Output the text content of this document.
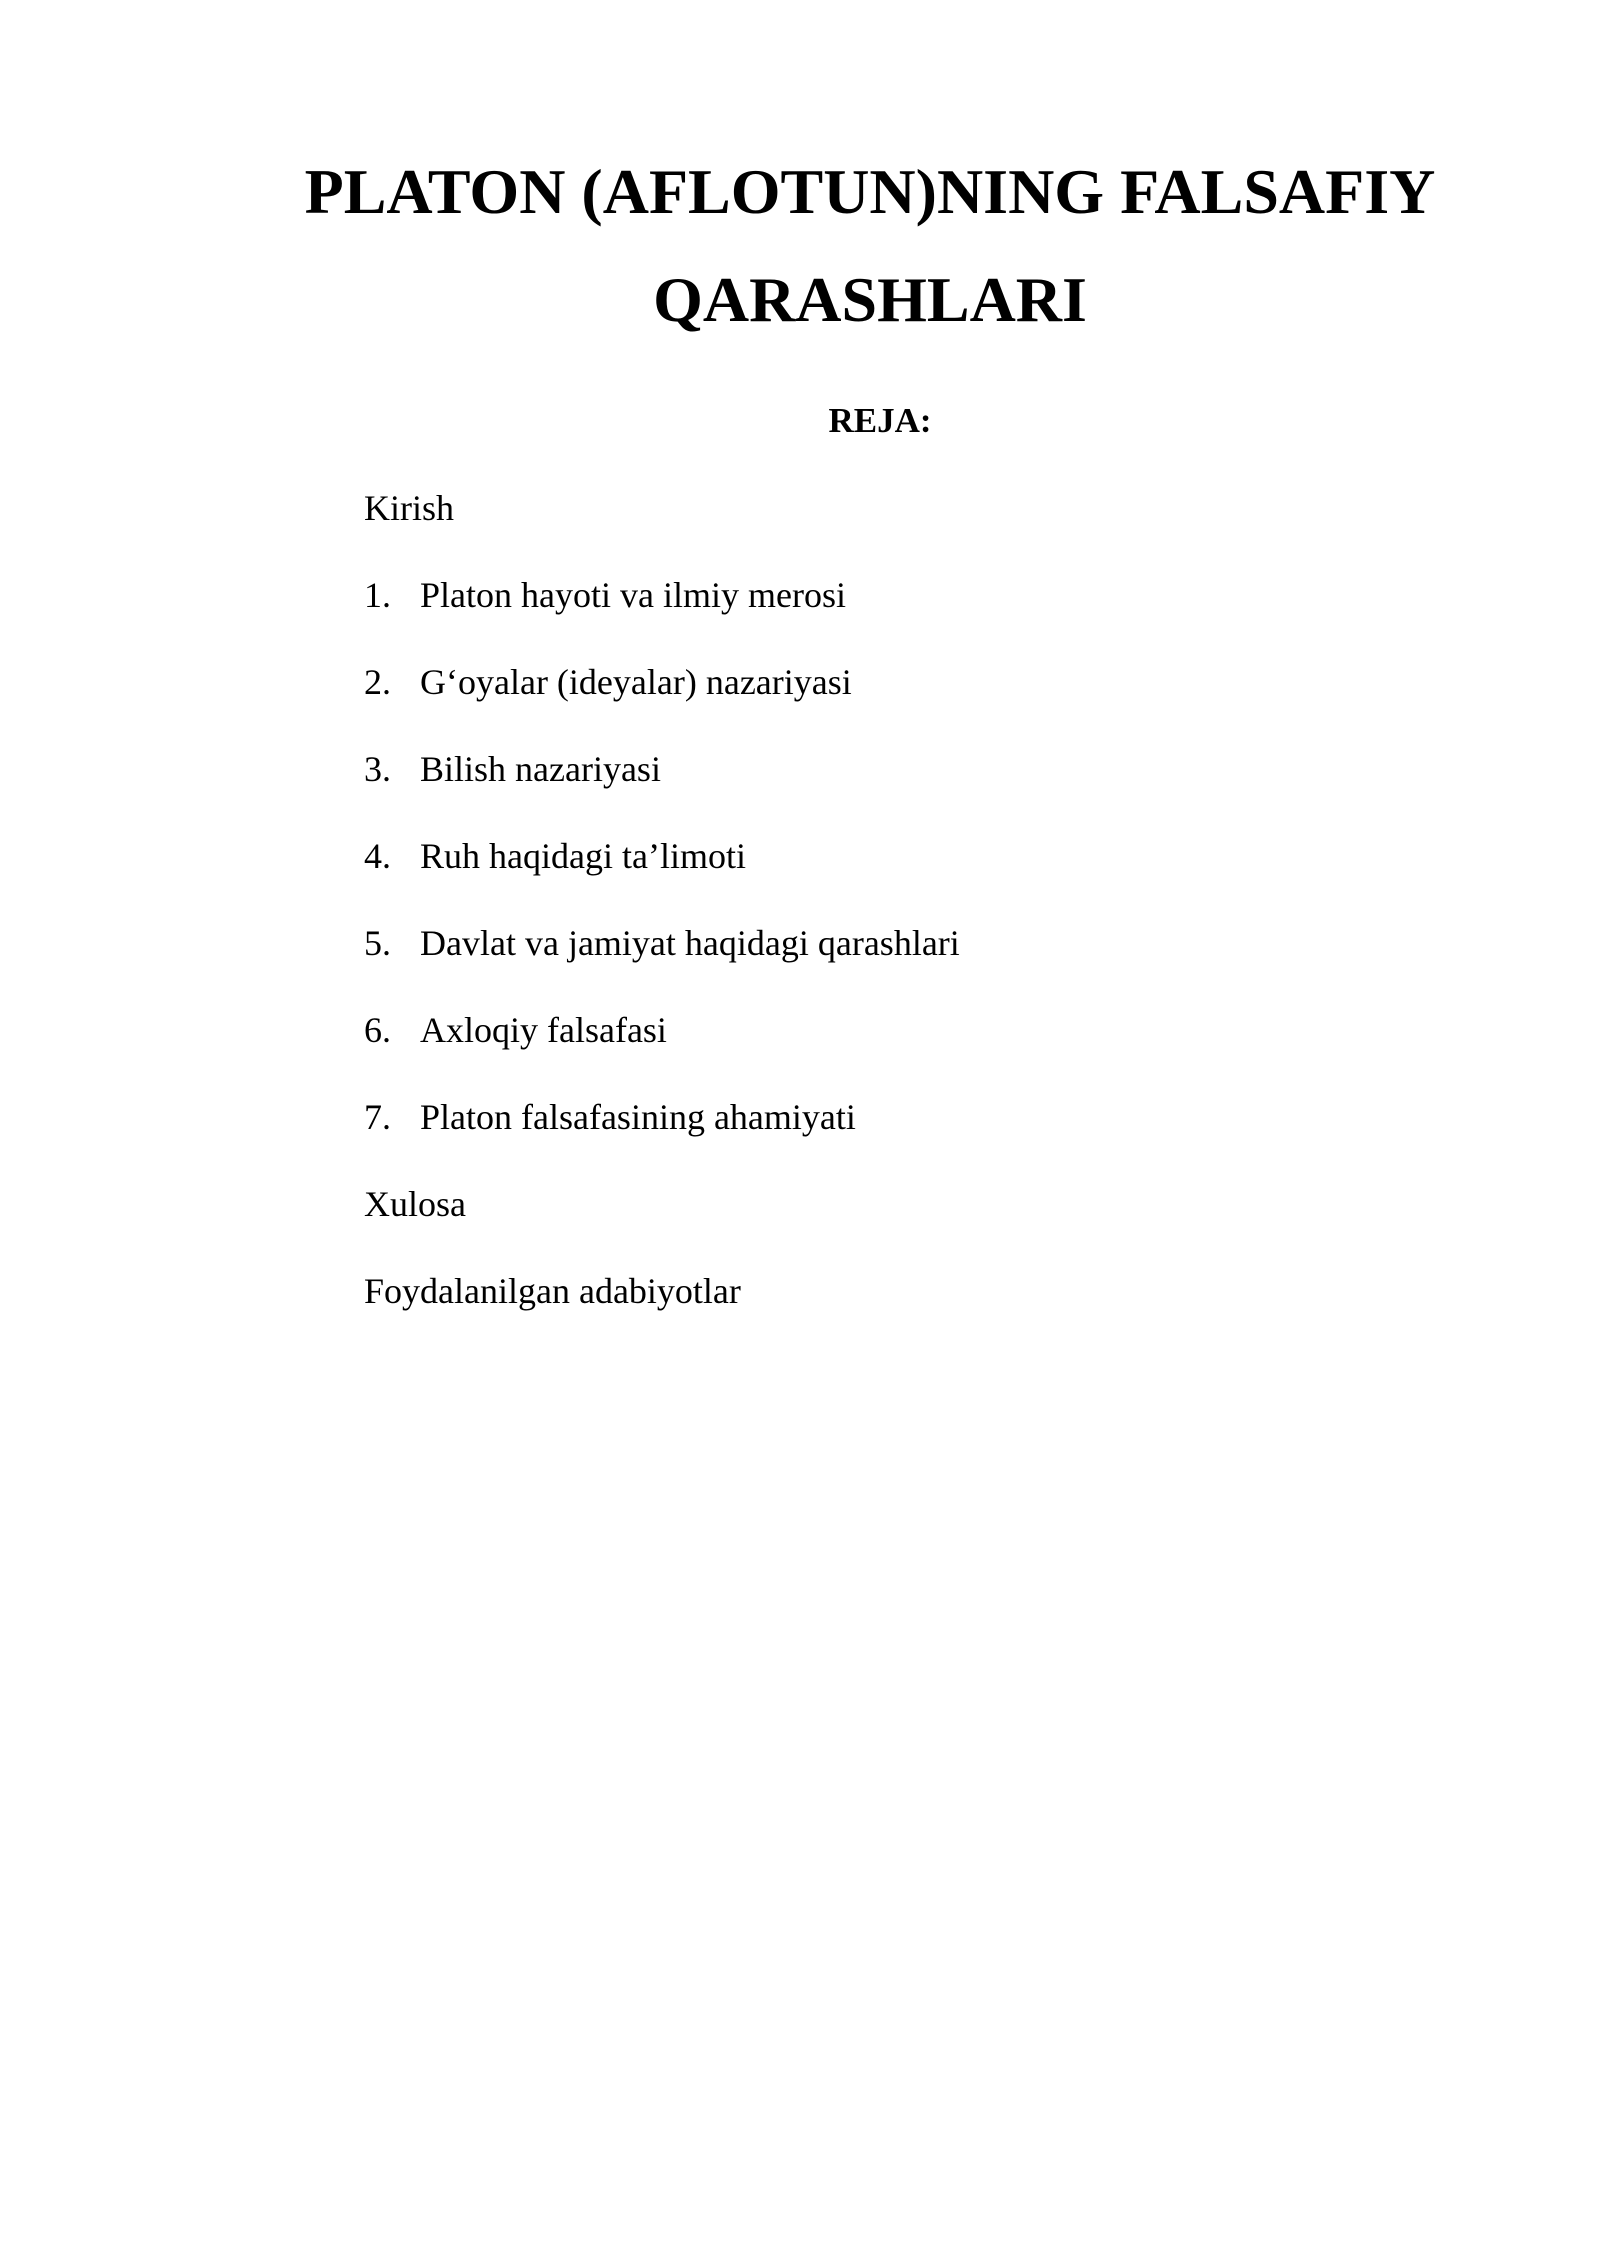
PLATON (AFLOTUN)NING FALSAFIY
QARASHLARI
REJA:
Kirish
1. Platon hayoti va ilmiy merosi
2. G‘oyalar (ideyalar) nazariyasi
3. Bilish nazariyasi
4. Ruh haqidagi ta’limoti
5. Davlat va jamiyat haqidagi qarashlari
6. Axloqiy falsafasi
7. Platon falsafasining ahamiyati
Xulosa
Foydalanilgan adabiyotlar
